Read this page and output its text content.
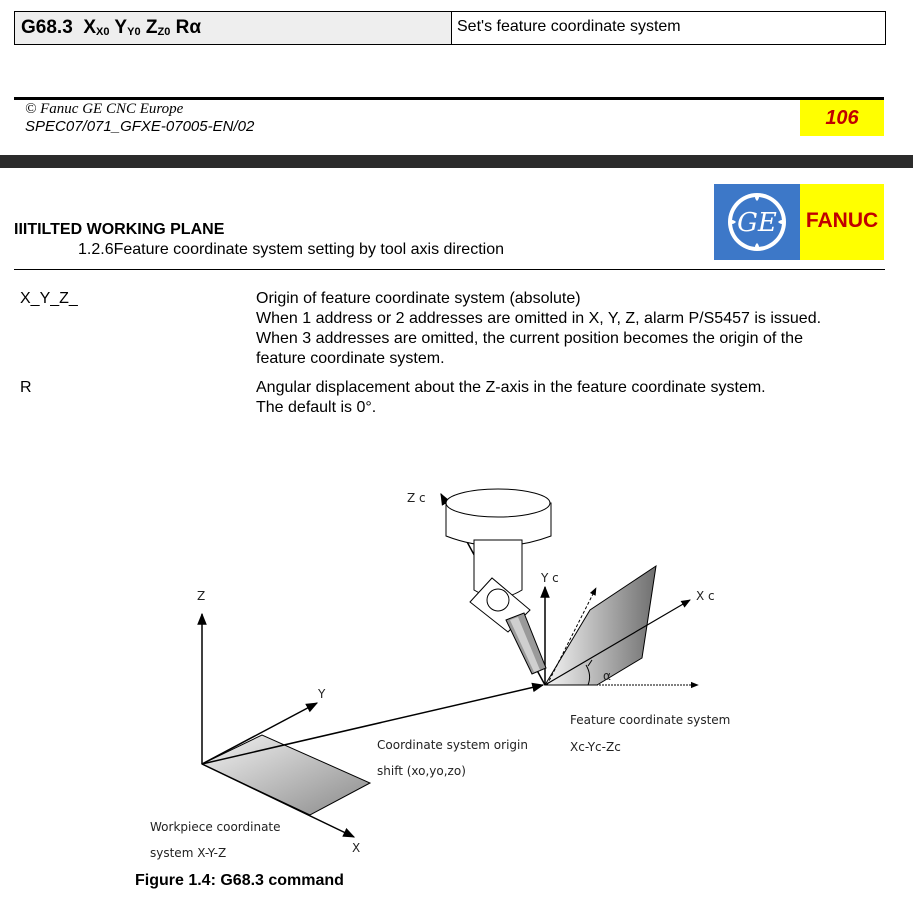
G68.3 $X_{X0}$ $Y_{Y0}$ $Z_{Z0}$ Rα	Set's feature coordinate system
© Fanuc GE CNC Europe
SPEC07/071_GFXE-07005-EN/02	106
GE FANUC
IIITILTED WORKING PLANE
1.2.6Feature coordinate system setting by tool axis direction
X_Y_Z_	Origin of feature coordinate system (absolute)
When 1 address or 2 addresses are omitted in X, Y, Z, alarm P/S5457 is issued.
When 3 addresses are omitted, the current position becomes the origin of the
feature coordinate system.
R	Angular displacement about the Z-axis in the feature coordinate system.
The default is 0°.
Z
Y
X
Z c
Y c
X c
α
Feature coordinate system
Xc-Yc-Zc
Coordinate system origin
shift (xo,yo,zo)
Workpiece coordinate
system X-Y-Z
Figure 1.4: G68.3 command
